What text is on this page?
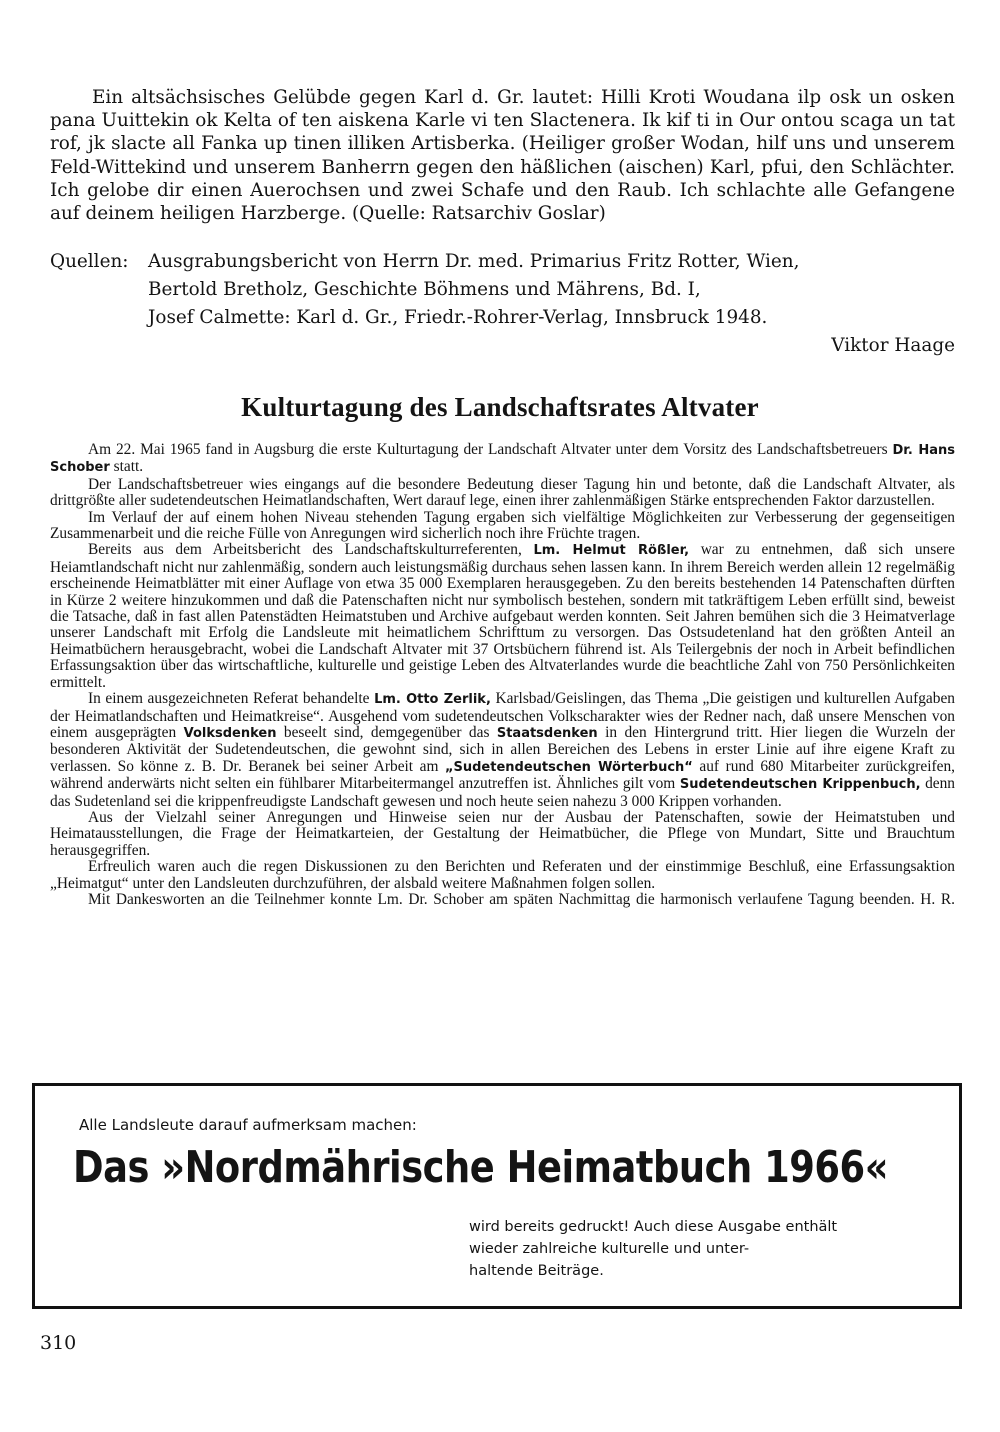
Ein altsächsisches Gelübde gegen Karl d. Gr. lautet: Hilli Kroti Woudana ilp osk un osken pana Uuittekin ok Kelta of ten aiskena Karle vi ten Slactenera. Ik kif ti in Our ontou scaga un tat rof, jk slacte all Fanka up tinen illiken Artisberka. (Heiliger großer Wodan, hilf uns und unserem Feld-Wittekind und unserem Banherrn gegen den häßlichen (aischen) Karl, pfui, den Schlächter. Ich gelobe dir einen Auerochsen und zwei Schafe und den Raub. Ich schlachte alle Gefangene auf deinem heiligen Harzberge. (Quelle: Ratsarchiv Goslar)

Quellen: Ausgrabungsbericht von Herrn Dr. med. Primarius Fritz Rotter, Wien,
Bertold Bretholz, Geschichte Böhmens und Mährens, Bd. I,
Josef Calmette: Karl d. Gr., Friedr.-Rohrer-Verlag, Innsbruck 1948.
Viktor Haage
Kulturtagung des Landschaftsrates Altvater

Am 22. Mai 1965 fand in Augsburg die erste Kulturtagung der Landschaft Altvater unter dem Vorsitz des Landschaftsbetreuers Dr. Hans Schober statt.

Der Landschaftsbetreuer wies eingangs auf die besondere Bedeutung dieser Tagung hin und betonte, daß die Landschaft Altvater, als drittgrößte aller sudetendeutschen Heimatlandschaften, Wert darauf lege, einen ihrer zahlenmäßigen Stärke entsprechenden Faktor darzustellen.

Im Verlauf der auf einem hohen Niveau stehenden Tagung ergaben sich vielfältige Möglichkeiten zur Verbesserung der gegenseitigen Zusammenarbeit und die reiche Fülle von Anregungen wird sicherlich noch ihre Früchte tragen.

Bereits aus dem Arbeitsbericht des Landschaftskulturreferenten, Lm. Helmut Rößler, war zu entnehmen, daß sich unsere Heiamtlandschaft nicht nur zahlenmäßig, sondern auch leistungsmäßig durchaus sehen lassen kann. In ihrem Bereich werden allein 12 regelmäßig erscheinende Heimatblätter mit einer Auflage von etwa 35 000 Exemplaren herausgegeben. Zu den bereits bestehenden 14 Patenschaften dürften in Kürze 2 weitere hinzukommen und daß die Patenschaften nicht nur symbolisch bestehen, sondern mit tatkräftigem Leben erfüllt sind, beweist die Tatsache, daß in fast allen Patenstädten Heimatstuben und Archive aufgebaut werden konnten. Seit Jahren bemühen sich die 3 Heimatverlage unserer Landschaft mit Erfolg die Landsleute mit heimatlichem Schrifttum zu versorgen. Das Ostsudetenland hat den größten Anteil an Heimatbüchern herausgebracht, wobei die Landschaft Altvater mit 37 Ortsbüchern führend ist. Als Teilergebnis der noch in Arbeit befindlichen Erfassungsaktion über das wirtschaftliche, kulturelle und geistige Leben des Altvaterlandes wurde die beachtliche Zahl von 750 Persönlichkeiten ermittelt.

In einem ausgezeichneten Referat behandelte Lm. Otto Zerlik, Karlsbad/Geislingen, das Thema „Die geistigen und kulturellen Aufgaben der Heimatlandschaften und Heimatkreise“. Ausgehend vom sudetendeutschen Volkscharakter wies der Redner nach, daß unsere Menschen von einem ausgeprägten Volksdenken beseelt sind, demgegenüber das Staatsdenken in den Hintergrund tritt. Hier liegen die Wurzeln der besonderen Aktivität der Sudetendeutschen, die gewohnt sind, sich in allen Bereichen des Lebens in erster Linie auf ihre eigene Kraft zu verlassen. So könne z. B. Dr. Beranek bei seiner Arbeit am „Sudetendeutschen Wörterbuch“ auf rund 680 Mitarbeiter zurückgreifen, während anderwärts nicht selten ein fühlbarer Mitarbeitermangel anzutreffen ist. Ähnliches gilt vom Sudetendeutschen Krippenbuch, denn das Sudetenland sei die krippenfreudigste Landschaft gewesen und noch heute seien nahezu 3 000 Krippen vorhanden.

Aus der Vielzahl seiner Anregungen und Hinweise seien nur der Ausbau der Patenschaften, sowie der Heimatstuben und Heimatausstellungen, die Frage der Heimatkarteien, der Gestaltung der Heimatbücher, die Pflege von Mundart, Sitte und Brauchtum herausgegriffen.

Erfreulich waren auch die regen Diskussionen zu den Berichten und Referaten und der einstimmige Beschluß, eine Erfassungsaktion „Heimatgut“ unter den Landsleuten durchzuführen, der alsbald weitere Maßnahmen folgen sollen.

Mit Dankesworten an die Teilnehmer konnte Lm. Dr. Schober am späten Nachmittag die harmonisch verlaufene Tagung beenden. H. R.

Alle Landsleute darauf aufmerksam machen:
Das »Nordmährische Heimatbuch 1966«
wird bereits gedruckt! Auch diese Ausgabe enthält
wieder zahlreiche kulturelle und unter-
haltende Beiträge.
310
